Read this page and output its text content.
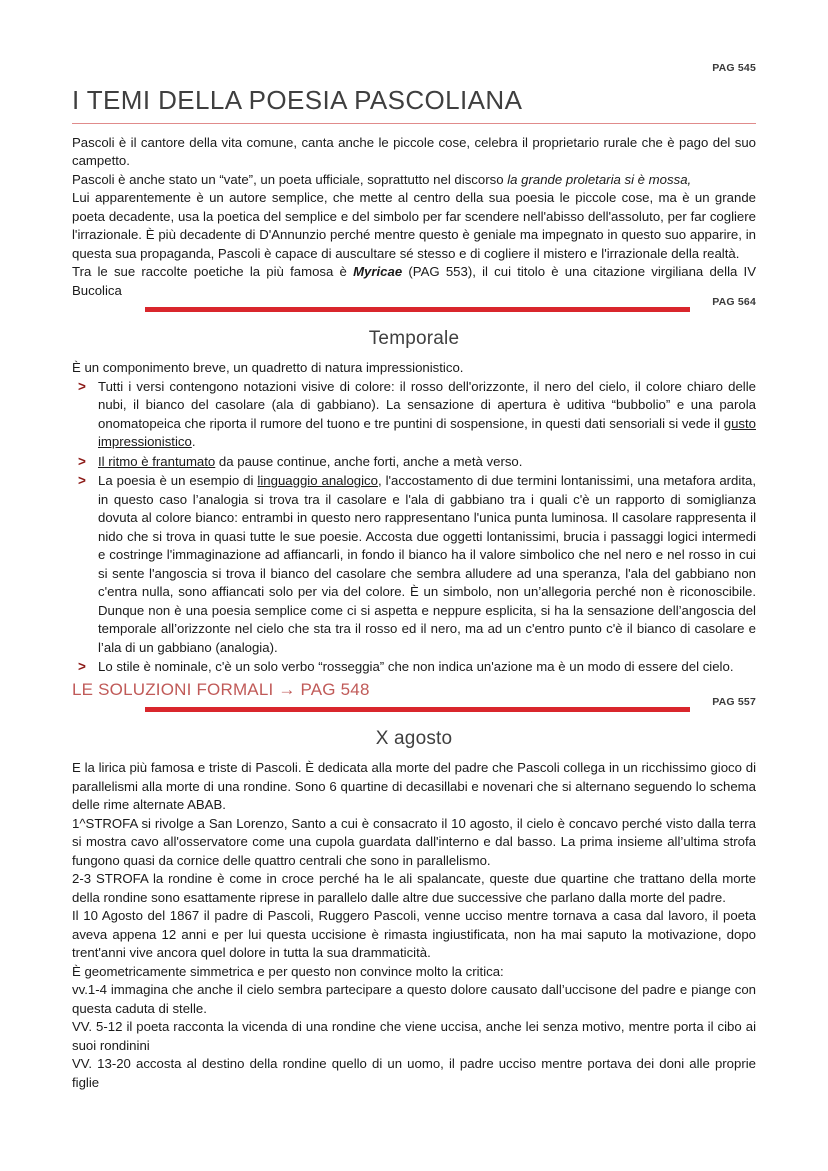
PAG 545
I TEMI DELLA POESIA PASCOLIANA

Pascoli è il cantore della vita comune, canta anche le piccole cose, celebra il proprietario rurale che è pago del suo campetto.

Pascoli è anche stato un “vate”, un poeta ufficiale, soprattutto nel discorso la grande proletaria si è mossa,

Lui apparentemente è un autore semplice, che mette al centro della sua poesia le piccole cose, ma è un grande poeta decadente, usa la poetica del semplice e del simbolo per far scendere nell'abisso dell'assoluto, per far cogliere l'irrazionale. È più decadente di D'Annunzio perché mentre questo è geniale ma impegnato in questo suo apparire, in questa sua propaganda, Pascoli è capace di auscultare sé stesso e di cogliere il mistero e l'irrazionale della realtà.

Tra le sue raccolte poetiche la più famosa è Myricae (PAG 553), il cui titolo è una citazione virgiliana della IV Bucolica

PAG 564
Temporale

È un componimento breve, un quadretto di natura impressionistico.

> Tutti i versi contengono notazioni visive di colore: il rosso dell'orizzonte, il nero del cielo, il colore chiaro delle nubi, il bianco del casolare (ala di gabbiano). La sensazione di apertura è uditiva “bubbolio” e una parola onomatopeica che riporta il rumore del tuono e tre puntini di sospensione, in questi dati sensoriali si vede il gusto impressionistico.
> Il ritmo è frantumato da pause continue, anche forti, anche a metà verso.
> La poesia è un esempio di linguaggio analogico, l'accostamento di due termini lontanissimi, una metafora ardita, in questo caso l’analogia si trova tra il casolare e l'ala di gabbiano tra i quali c'è un rapporto di somiglianza dovuta al colore bianco: entrambi in questo nero rappresentano l'unica punta luminosa. Il casolare rappresenta il nido che si trova in quasi tutte le sue poesie. Accosta due oggetti lontanissimi, brucia i passaggi logici intermedi e costringe l'immaginazione ad affiancarli, in fondo il bianco ha il valore simbolico che nel nero e nel rosso in cui si sente l'angoscia si trova il bianco del casolare che sembra alludere ad una speranza, l'ala del gabbiano non c'entra nulla, sono affiancati solo per via del colore. È un simbolo, non un’allegoria perché non è riconoscibile. Dunque non è una poesia semplice come ci si aspetta e neppure esplicita, si ha la sensazione dell’angoscia del temporale all’orizzonte nel cielo che sta tra il rosso ed il nero, ma ad un c'entro punto c'è il bianco di casolare e l’ala di un gabbiano (analogia).
> Lo stile è nominale, c'è un solo verbo “rosseggia” che non indica un'azione ma è un modo di essere del cielo.
LE SOLUZIONI FORMALI → PAG 548
PAG 557
X agosto

E la lirica più famosa e triste di Pascoli. È dedicata alla morte del padre che Pascoli collega in un ricchissimo gioco di parallelismi alla morte di una rondine. Sono 6 quartine di decasillabi e novenari che si alternano seguendo lo schema delle rime alternate ABAB.

1^STROFA si rivolge a San Lorenzo, Santo a cui è consacrato il 10 agosto, il cielo è concavo perché visto dalla terra si mostra cavo all'osservatore come una cupola guardata dall'interno e dal basso. La prima insieme all’ultima strofa fungono quasi da cornice delle quattro centrali che sono in parallelismo.

2-3 STROFA la rondine è come in croce perché ha le ali spalancate, queste due quartine che trattano della morte della rondine sono esattamente riprese in parallelo dalle altre due successive che parlano dalla morte del padre.

Il 10 Agosto del 1867 il padre di Pascoli, Ruggero Pascoli, venne ucciso mentre tornava a casa dal lavoro, il poeta aveva appena 12 anni e per lui questa uccisione è rimasta ingiustificata, non ha mai saputo la motivazione, dopo trent'anni vive ancora quel dolore in tutta la sua drammaticità.

È geometricamente simmetrica e per questo non convince molto la critica:

vv.1-4 immagina che anche il cielo sembra partecipare a questo dolore causato dall’uccisone del padre e piange con questa caduta di stelle.

VV. 5-12 il poeta racconta la vicenda di una rondine che viene uccisa, anche lei senza motivo, mentre porta il cibo ai suoi rondinini

VV. 13-20 accosta al destino della rondine quello di un uomo, il padre ucciso mentre portava dei doni alle proprie figlie
